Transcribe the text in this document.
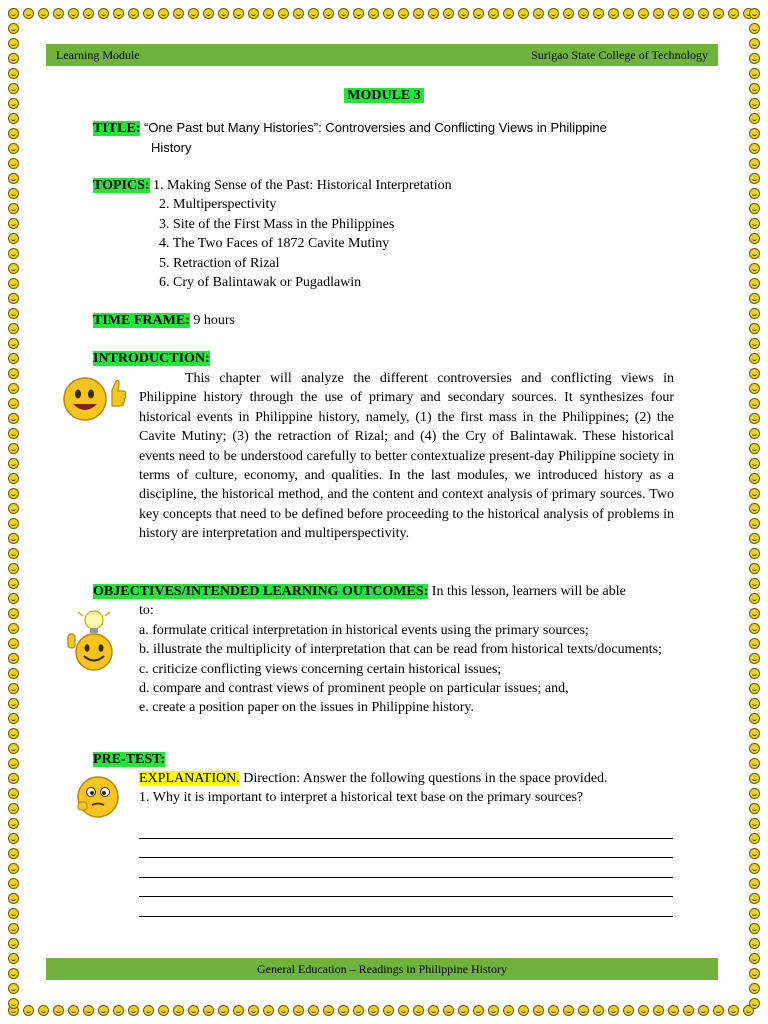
Learning Module	Surigao State College of Technology
MODULE 3
TITLE: “One Past but Many Histories”: Controversies and Conflicting Views in Philippine
History
TOPICS: 1. Making Sense of the Past: Historical Interpretation
2. Multiperspectivity
3. Site of the First Mass in the Philippines
4. The Two Faces of 1872 Cavite Mutiny
5. Retraction of Rizal
6. Cry of Balintawak or Pugadlawin
TIME FRAME: 9 hours
INTRODUCTION:
This chapter will analyze the different controversies and conflicting views in Philippine history through the use of primary and secondary sources. It synthesizes four historical events in Philippine history, namely, (1) the first mass in the Philippines; (2) the Cavite Mutiny; (3) the retraction of Rizal; and (4) the Cry of Balintawak. These historical events need to be understood carefully to better contextualize present-day Philippine society in terms of culture, economy, and qualities. In the last modules, we introduced history as a discipline, the historical method, and the content and context analysis of primary sources. Two key concepts that need to be defined before proceeding to the historical analysis of problems in history are interpretation and multiperspectivity.
OBJECTIVES/INTENDED LEARNING OUTCOMES: In this lesson, learners will be able
to:
a. formulate critical interpretation in historical events using the primary sources;
b. illustrate the multiplicity of interpretation that can be read from historical texts/documents;
c. criticize conflicting views concerning certain historical issues;
d. compare and contrast views of prominent people on particular issues; and,
e. create a position paper on the issues in Philippine history.
PRE-TEST:
EXPLANATION. Direction: Answer the following questions in the space provided.
1. Why it is important to interpret a historical text base on the primary sources?
General Education – Readings in Philippine History
